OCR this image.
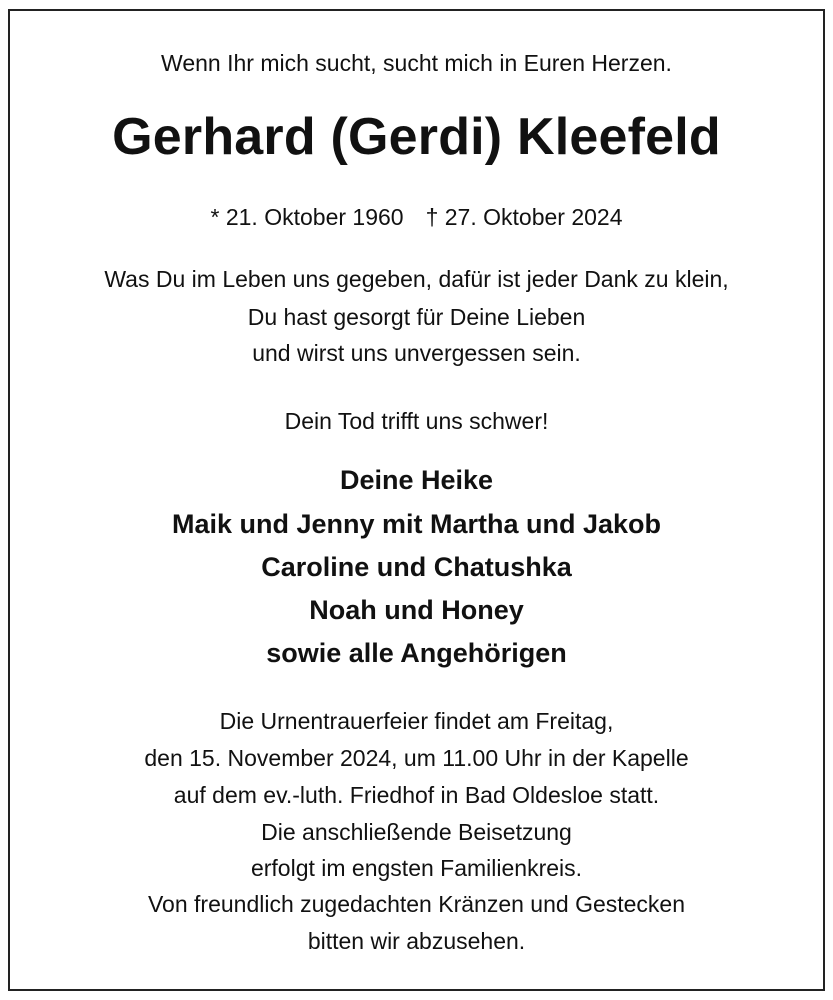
Wenn Ihr mich sucht, sucht mich in Euren Herzen.

Gerhard (Gerdi) Kleefeld

* 21. Oktober 1960 † 27. Oktober 2024

Was Du im Leben uns gegeben, dafür ist jeder Dank zu klein,

Du hast gesorgt für Deine Lieben

und wirst uns unvergessen sein.

Dein Tod trifft uns schwer!

Deine Heike

Maik und Jenny mit Martha und Jakob

Caroline und Chatushka

Noah und Honey

sowie alle Angehörigen

Die Urnentrauerfeier findet am Freitag,

den 15. November 2024, um 11.00 Uhr in der Kapelle

auf dem ev.-luth. Friedhof in Bad Oldesloe statt.

Die anschließende Beisetzung

erfolgt im engsten Familienkreis.

Von freundlich zugedachten Kränzen und Gestecken

bitten wir abzusehen.
